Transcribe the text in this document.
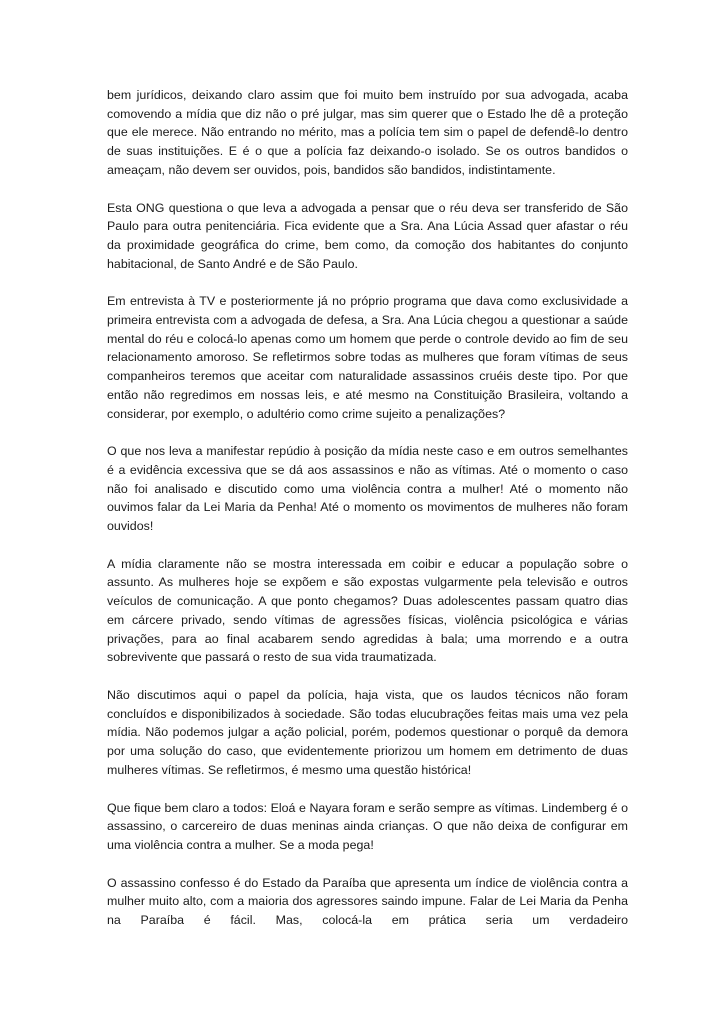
bem jurídicos, deixando claro assim que foi muito bem instruído por sua advogada, acaba comovendo a mídia que diz não o pré julgar, mas sim querer que o Estado lhe dê a proteção que ele merece. Não entrando no mérito, mas a polícia tem sim o papel de defendê-lo dentro de suas instituições. E é o que a polícia faz deixando-o isolado. Se os outros bandidos o ameaçam, não devem ser ouvidos, pois, bandidos são bandidos, indistintamente.

Esta ONG questiona o que leva a advogada a pensar que o réu deva ser transferido de São Paulo para outra penitenciária. Fica evidente que a Sra. Ana Lúcia Assad quer afastar o réu da proximidade geográfica do crime, bem como, da comoção dos habitantes do conjunto habitacional, de Santo André e de São Paulo.

Em entrevista à TV e posteriormente já no próprio programa que dava como exclusividade a primeira entrevista com a advogada de defesa, a Sra. Ana Lúcia chegou a questionar a saúde mental do réu e colocá-lo apenas como um homem que perde o controle devido ao fim de seu relacionamento amoroso. Se refletirmos sobre todas as mulheres que foram vítimas de seus companheiros teremos que aceitar com naturalidade assassinos cruéis deste tipo. Por que então não regredimos em nossas leis, e até mesmo na Constituição Brasileira, voltando a considerar, por exemplo, o adultério como crime sujeito a penalizações?

O que nos leva a manifestar repúdio à posição da mídia neste caso e em outros semelhantes é a evidência excessiva que se dá aos assassinos e não as vítimas. Até o momento o caso não foi analisado e discutido como uma violência contra a mulher! Até o momento não ouvimos falar da Lei Maria da Penha! Até o momento os movimentos de mulheres não foram ouvidos!

A mídia claramente não se mostra interessada em coibir e educar a população sobre o assunto. As mulheres hoje se expõem e são expostas vulgarmente pela televisão e outros veículos de comunicação. A que ponto chegamos? Duas adolescentes passam quatro dias em cárcere privado, sendo vítimas de agressões físicas, violência psicológica e várias privações, para ao final acabarem sendo agredidas à bala; uma morrendo e a outra sobrevivente que passará o resto de sua vida traumatizada.

Não discutimos aqui o papel da polícia, haja vista, que os laudos técnicos não foram concluídos e disponibilizados à sociedade. São todas elucubrações feitas mais uma vez pela mídia. Não podemos julgar a ação policial, porém, podemos questionar o porquê da demora por uma solução do caso, que evidentemente priorizou um homem em detrimento de duas mulheres vítimas. Se refletirmos, é mesmo uma questão histórica!

Que fique bem claro a todos: Eloá e Nayara foram e serão sempre as vítimas. Lindemberg é o assassino, o carcereiro de duas meninas ainda crianças. O que não deixa de configurar em uma violência contra a mulher. Se a moda pega!

O assassino confesso é do Estado da Paraíba que apresenta um índice de violência contra a mulher muito alto, com a maioria dos agressores saindo impune. Falar de Lei Maria da Penha na Paraíba é fácil. Mas, colocá-la em prática seria um verdadeiro
